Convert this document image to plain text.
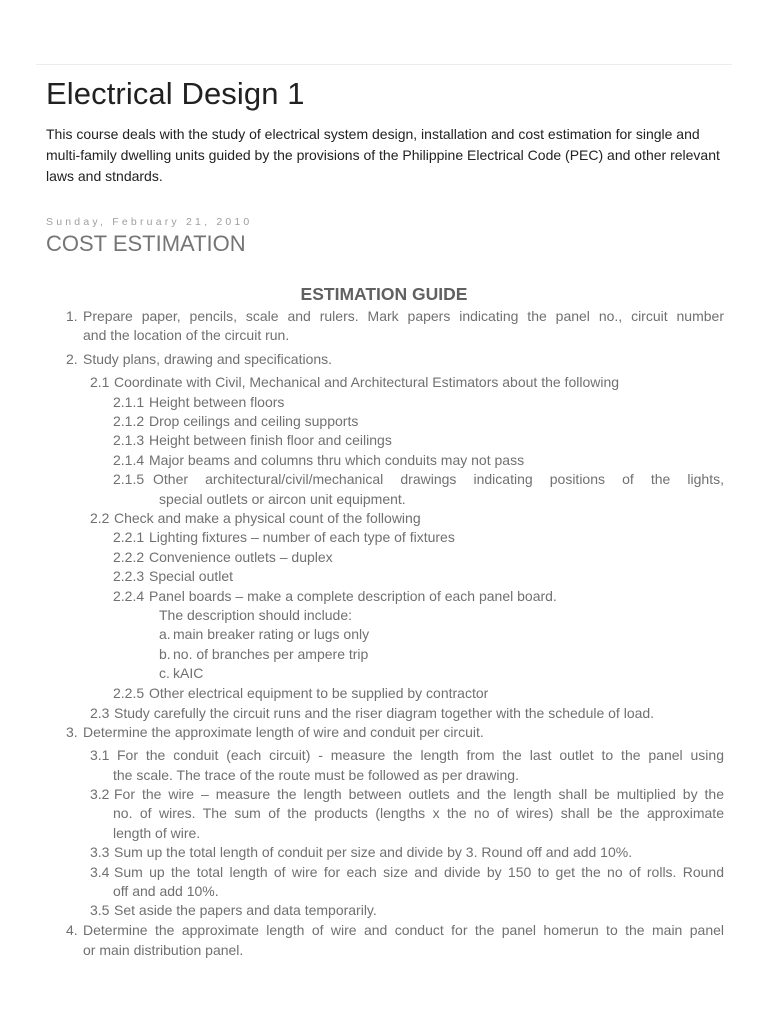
Electrical Design 1

This course deals with the study of electrical system design, installation and cost estimation for single and multi-family dwelling units guided by the provisions of the Philippine Electrical Code (PEC) and other relevant laws and stndards.

Sunday, February 21, 2010
COST ESTIMATION
ESTIMATION GUIDE
1. Prepare paper, pencils, scale and rulers. Mark papers indicating the panel no., circuit number
and the location of the circuit run.
2. Study plans, drawing and specifications.
2.1 Coordinate with Civil, Mechanical and Architectural Estimators about the following
2.1.1 Height between floors
2.1.2 Drop ceilings and ceiling supports
2.1.3 Height between finish floor and ceilings
2.1.4 Major beams and columns thru which conduits may not pass
2.1.5 Other architectural/civil/mechanical drawings indicating positions of the lights,
special outlets or aircon unit equipment.
2.2 Check and make a physical count of the following
2.2.1 Lighting fixtures – number of each type of fixtures
2.2.2 Convenience outlets – duplex
2.2.3 Special outlet
2.2.4 Panel boards – make a complete description of each panel board.
The description should include:
a. main breaker rating or lugs only
b. no. of branches per ampere trip
c. kAIC
2.2.5 Other electrical equipment to be supplied by contractor
2.3 Study carefully the circuit runs and the riser diagram together with the schedule of load.
3. Determine the approximate length of wire and conduit per circuit.
3.1 For the conduit (each circuit) - measure the length from the last outlet to the panel using
the scale. The trace of the route must be followed as per drawing.
3.2 For the wire – measure the length between outlets and the length shall be multiplied by the
no. of wires. The sum of the products (lengths x the no of wires) shall be the approximate
length of wire.
3.3 Sum up the total length of conduit per size and divide by 3. Round off and add 10%.
3.4 Sum up the total length of wire for each size and divide by 150 to get the no of rolls. Round
off and add 10%.
3.5 Set aside the papers and data temporarily.
4. Determine the approximate length of wire and conduct for the panel homerun to the main panel
or main distribution panel.
